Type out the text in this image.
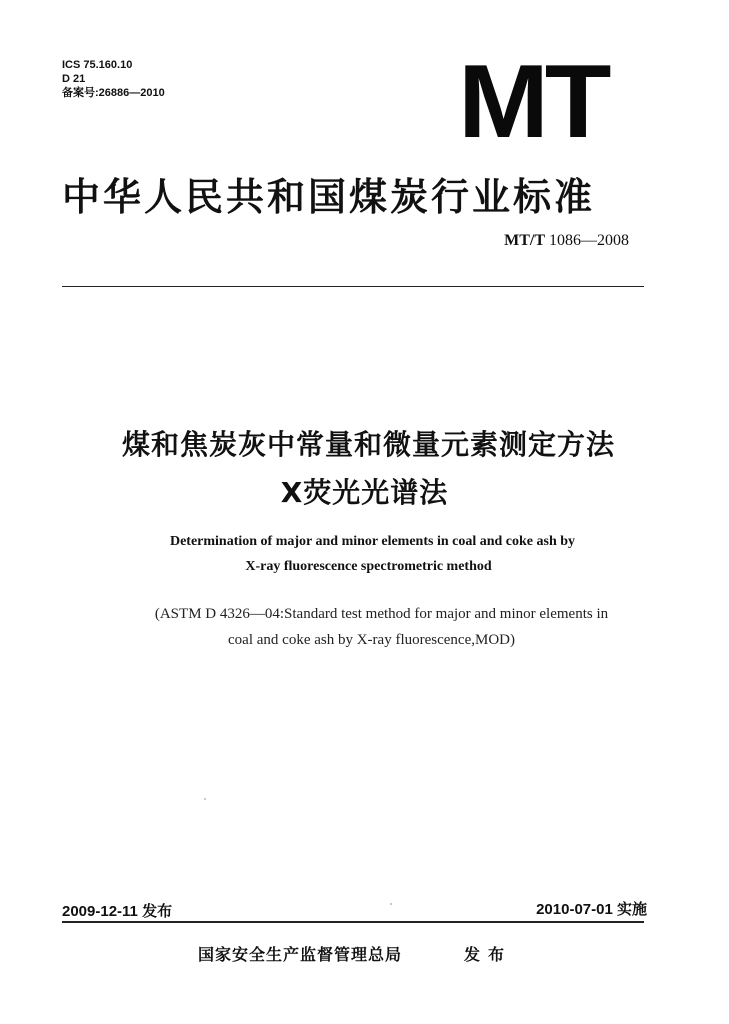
ICS 75.160.10
D 21
备案号:26886—2010	MT
中华人民共和国煤炭行业标准
MT/T 1086—2008
煤和焦炭灰中常量和微量元素测定方法
X荧光光谱法
Determination of major and minor elements in coal and coke ash by
X-ray fluorescence spectrometric method
(ASTM D 4326—04:Standard test method for major and minor elements in
coal and coke ash by X-ray fluorescence,MOD)
2009-12-11 发布	2010-07-01 实施
国家安全生产监督管理总局	发布
